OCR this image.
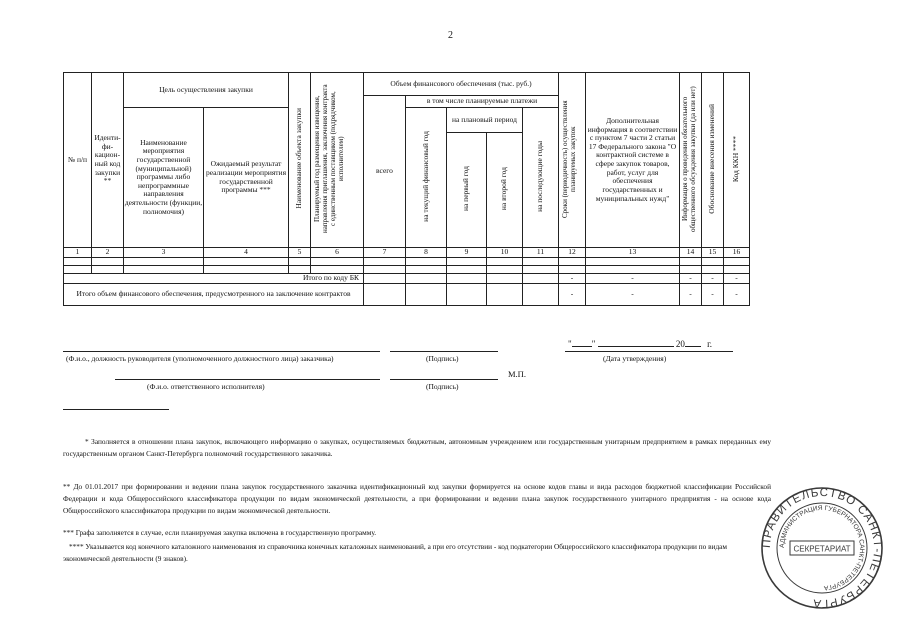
2
№ п/п	Иденти-фи-кацион-ный код закупки **	Цель осуществления закупки		Наименование объекта закупки	Планируемый год размещения извещения, направления приглашения, заключения контракта с единственным поставщиком (подрядчиком, исполнителем)	Объем финансового обеспечения (тыс. руб.)					Сроки (периодичность) осуществления планируемых закупок	Дополнительная информация в соответствии с пунктом 7 части 2 статьи 17 Федерального закона "О контрактной системе в сфере закупок товаров, работ, услуг для обеспечения государственных и муниципальных нужд"	Информация о проведении обязательного общественного обсуждения закупки (да или нет)	Обоснование внесения изменений	Код ККН ****
						всего	в том числе планируемые платежи								
		Наименование мероприятия государственной (муниципальной) программы либо непрограммные направления деятельности (функции, полномочия)	Ожидаемый результат реализации мероприятия государственной программы ***				на текущий финансовый год	на плановый период		на последующие годы					
								на первый год	на второй год						
1	2	3	4	5	6	7	8	9	10	11	12	13	14	15	16

Итого по коду БК											-	-	-	-	-
Итого объем финансового обеспечения, предусмотренного на заключение контрактов											-	-	-	-	-
" "	20 г.
(Ф.и.о., должность руководителя (уполномоченного должностного лица) заказчика)	(Подпись)	(Дата утверждения)
М.П.
(Ф.и.о. ответственного исполнителя)	(Подпись)
* Заполняется в отношении плана закупок, включающего информацию о закупках, осуществляемых бюджетным, автономным учреждением или государственным унитарным предприятием в рамках переданных ему государственным органом Санкт-Петербурга полномочий государственного заказчика.
** До 01.01.2017 при формировании и ведении плана закупок государственного заказчика идентификационный код закупки формируется на основе кодов главы и вида расходов бюджетной классификации Российской Федерации и кода Общероссийского классификатора продукции по видам экономической деятельности, а при формировании и ведении плана закупок государственного унитарного предприятия - на основе кода Общероссийского классификатора продукции по видам экономической деятельности.
*** Графа заполняется в случае, если планируемая закупка включена в государственную программу.
**** Указывается код конечного каталожного наименования из справочника конечных каталожных наименований, а при его отсутствии - код подкатегории Общероссийского классификатора продукции по видам экономической деятельности (9 знаков).
ПРАВИТЕЛЬСТВО САНКТ-ПЕТЕРБУРГА
АДМИНИСТРАЦИЯ ГУБЕРНАТОРА САНКТ-ПЕТЕРБУРГА
СЕКРЕТАРИАТ
